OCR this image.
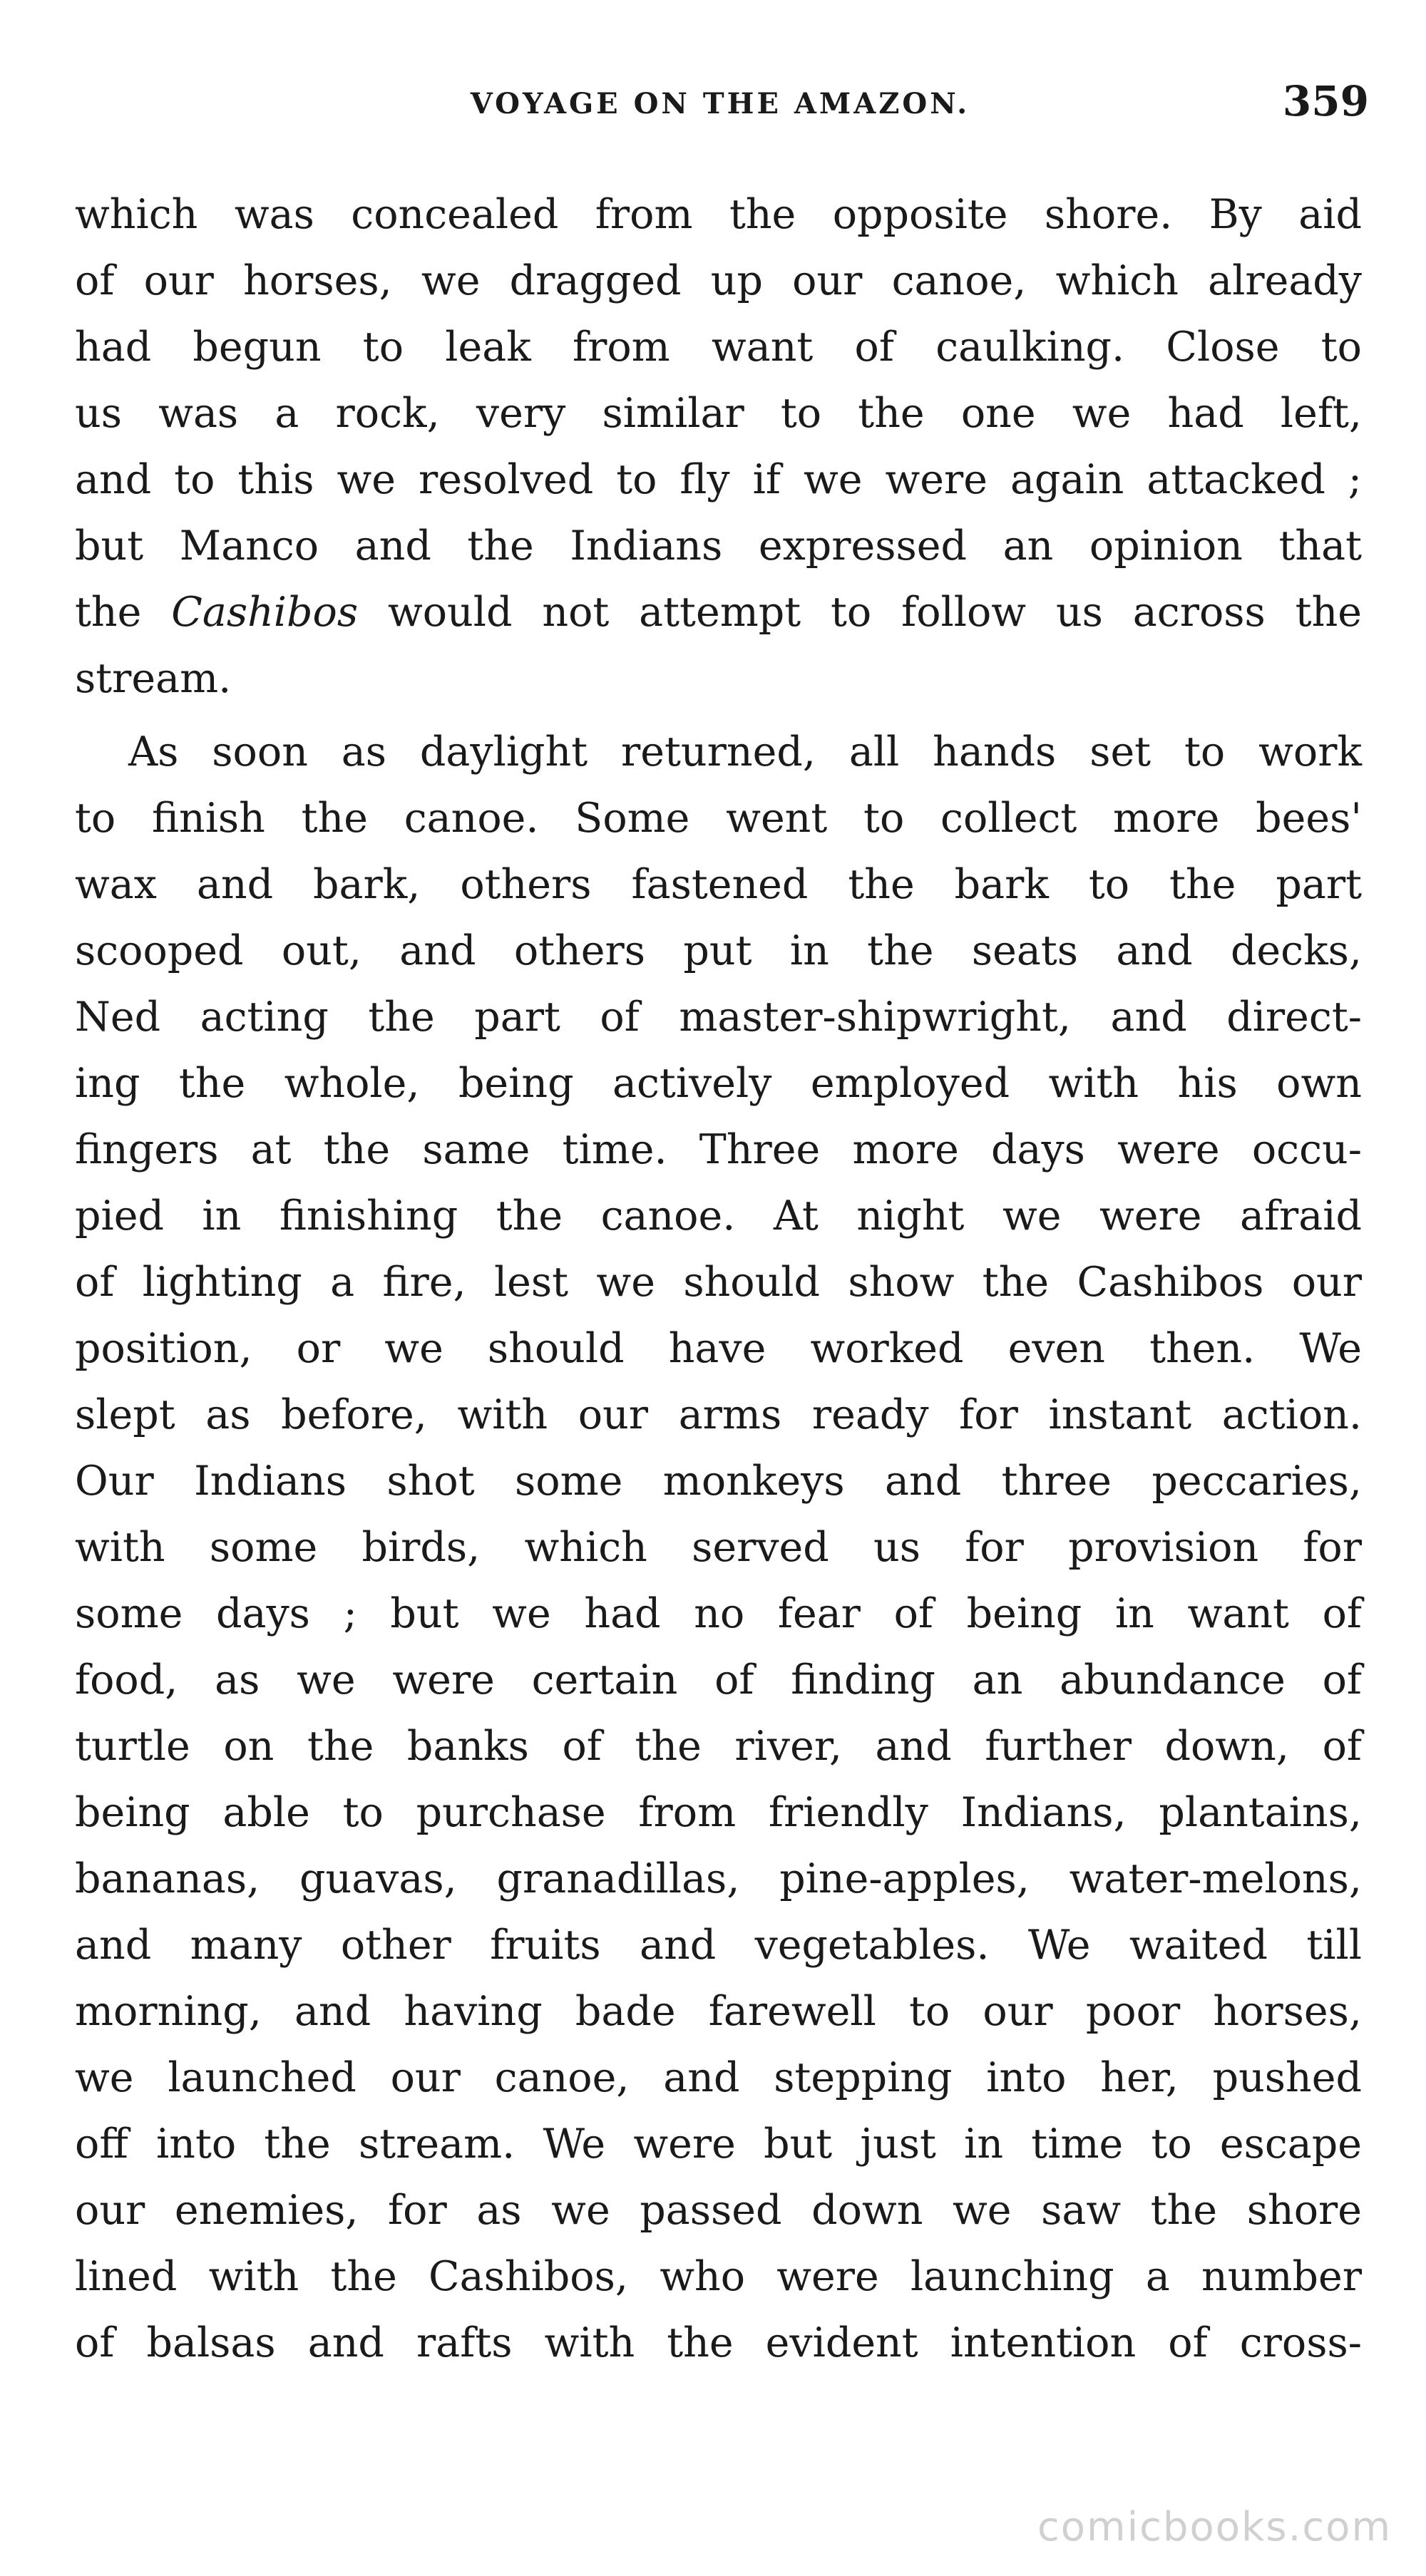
VOYAGE ON THE AMAZON.	359
which was concealed from the opposite shore. By aid
of our horses, we dragged up our canoe, which already
had begun to leak from want of caulking. Close to
us was a rock, very similar to the one we had left,
and to this we resolved to fly if we were again attacked ;
but Manco and the Indians expressed an opinion that
the Cashibos would not attempt to follow us across the
stream.
As soon as daylight returned, all hands set to work
to finish the canoe. Some went to collect more bees'
wax and bark, others fastened the bark to the part
scooped out, and others put in the seats and decks,
Ned acting the part of master-shipwright, and direct-
ing the whole, being actively employed with his own
fingers at the same time. Three more days were occu-
pied in finishing the canoe. At night we were afraid
of lighting a fire, lest we should show the Cashibos our
position, or we should have worked even then. We
slept as before, with our arms ready for instant action.
Our Indians shot some monkeys and three peccaries,
with some birds, which served us for provision for
some days ; but we had no fear of being in want of
food, as we were certain of finding an abundance of
turtle on the banks of the river, and further down, of
being able to purchase from friendly Indians, plantains,
bananas, guavas, granadillas, pine-apples, water-melons,
and many other fruits and vegetables. We waited till
morning, and having bade farewell to our poor horses,
we launched our canoe, and stepping into her, pushed
off into the stream. We were but just in time to escape
our enemies, for as we passed down we saw the shore
lined with the Cashibos, who were launching a number
of balsas and rafts with the evident intention of cross-
comicbooks.com
